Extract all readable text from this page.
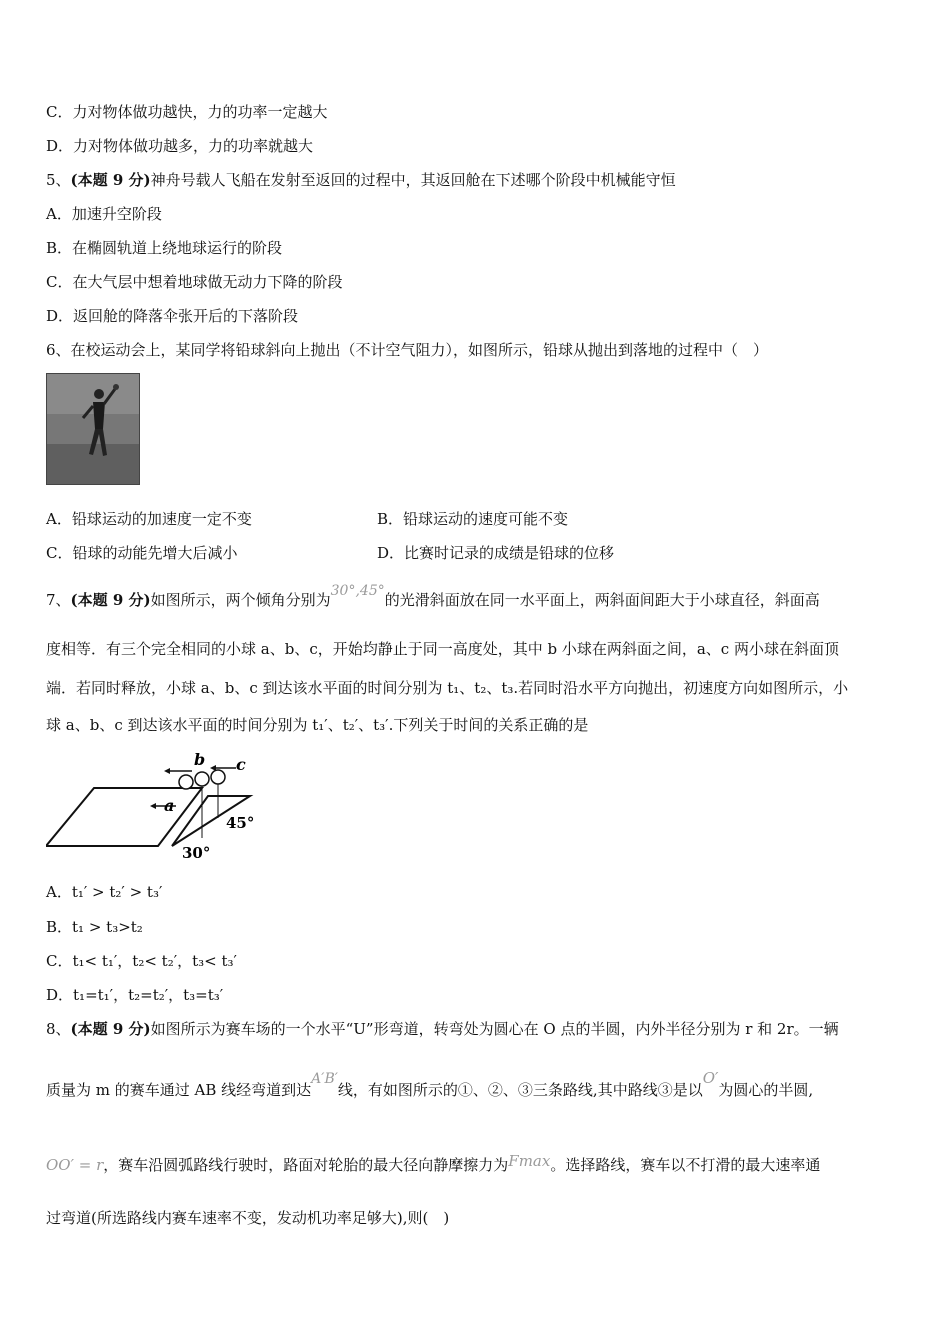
C．力对物体做功越快，力的功率一定越大
D．力对物体做功越多，力的功率就越大
5、(本题 9 分)神舟号载人飞船在发射至返回的过程中，其返回舱在下述哪个阶段中机械能守恒
A．加速升空阶段
B．在椭圆轨道上绕地球运行的阶段
C．在大气层中想着地球做无动力下降的阶段
D．返回舱的降落伞张开后的下落阶段
6、在校运动会上，某同学将铅球斜向上抛出（不计空气阻力），如图所示，铅球从抛出到落地的过程中（　）
A．铅球运动的加速度一定不变	B．铅球运动的速度可能不变
C．铅球的动能先增大后减小	D．比赛时记录的成绩是铅球的位移
7、(本题 9 分)如图所示，两个倾角分别为30°,45°的光滑斜面放在同一水平面上，两斜面间距大于小球直径，斜面高
度相等．有三个完全相同的小球 a、b、c，开始均静止于同一高度处，其中 b 小球在两斜面之间，a、c 两小球在斜面顶
端．若同时释放，小球 a、b、c 到达该水平面的时间分别为 t₁、t₂、t₃.若同时沿水平方向抛出，初速度方向如图所示，小
球 a、b、c 到达该水平面的时间分别为 t₁′、t₂′、t₃′.下列关于时间的关系正确的是
b c
a
45°
30°
A．t₁′ > t₂′ > t₃′
B．t₁ > t₃>t₂
C．t₁< t₁′，t₂< t₂′，t₃< t₃′
D．t₁=t₁′，t₂=t₂′，t₃=t₃′
8、(本题 9 分)如图所示为赛车场的一个水平“U”形弯道，转弯处为圆心在 O 点的半圆，内外半径分别为 r 和 2r。一辆
质量为 m 的赛车通过 AB 线经弯道到达A′B′线，有如图所示的①、②、③三条路线,其中路线③是以O′为圆心的半圆,
OO′ = r，赛车沿圆弧路线行驶时，路面对轮胎的最大径向静摩擦力为Fmax。选择路线，赛车以不打滑的最大速率通
过弯道(所选路线内赛车速率不变，发动机功率足够大),则(　)
